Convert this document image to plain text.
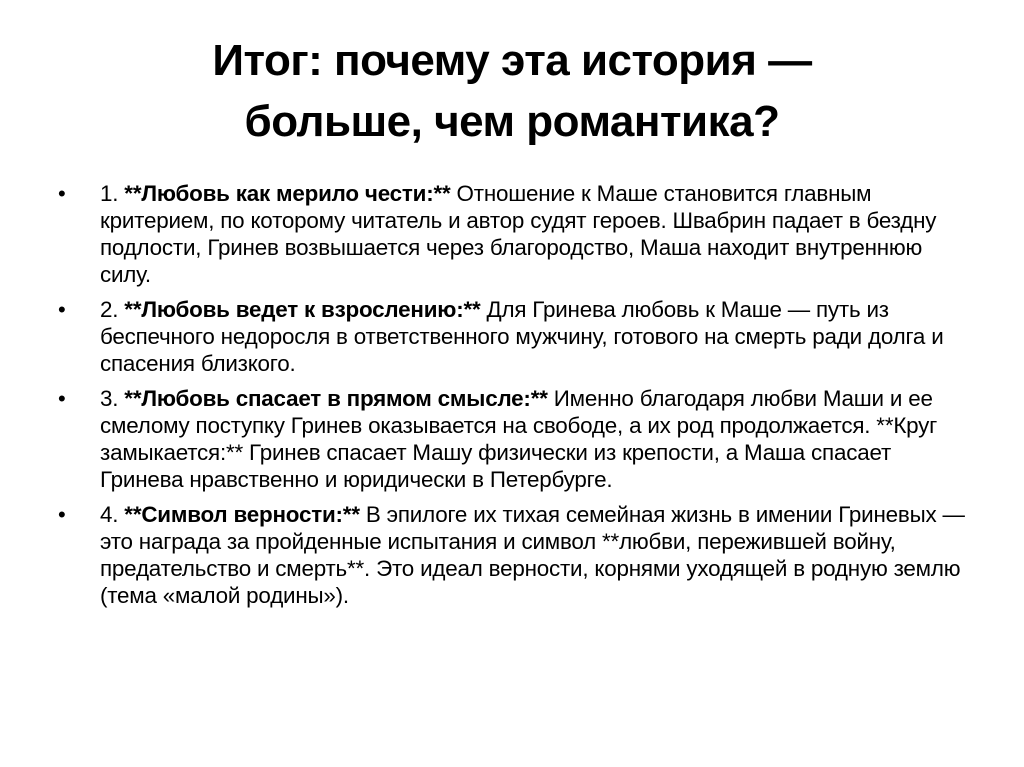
Итог: почему эта история —
больше, чем романтика?
•	1. **Любовь как мерило чести:** Отношение к Маше становится главным критерием, по которому читатель и автор судят героев. Швабрин падает в бездну подлости, Гринев возвышается через благородство, Маша находит внутреннюю силу.
•	2. **Любовь ведет к взрослению:** Для Гринева любовь к Маше — путь из беспечного недоросля в ответственного мужчину, готового на смерть ради долга и спасения близкого.
•	3. **Любовь спасает в прямом смысле:** Именно благодаря любви Маши и ее смелому поступку Гринев оказывается на свободе, а их род продолжается. **Круг замыкается:** Гринев спасает Машу физически из крепости, а Маша спасает Гринева нравственно и юридически в Петербурге.
•	4. **Символ верности:** В эпилоге их тихая семейная жизнь в имении Гриневых — это награда за пройденные испытания и символ **любви, пережившей войну, предательство и смерть**. Это идеал верности, корнями уходящей в родную землю (тема «малой родины»).
